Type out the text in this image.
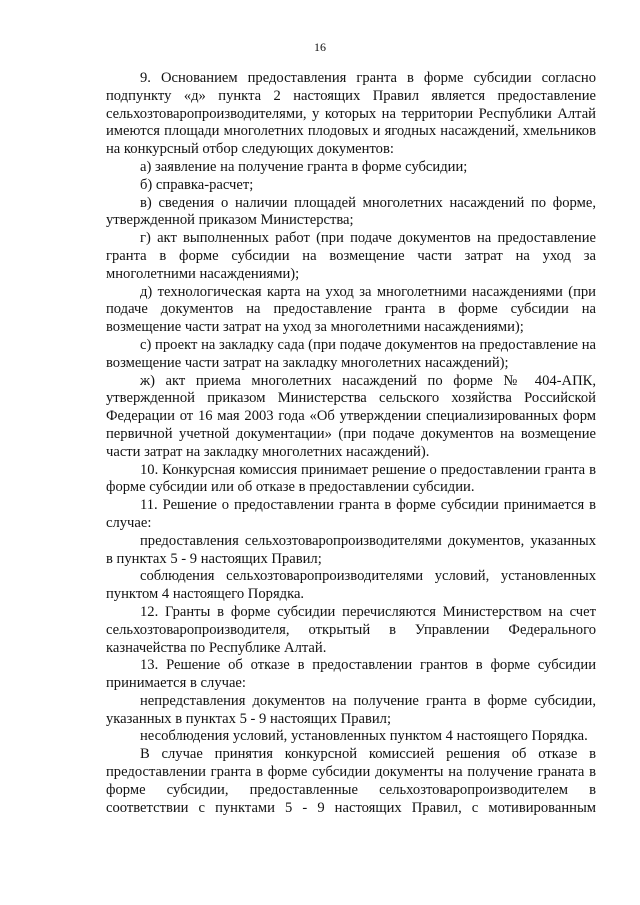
16

9. Основанием предоставления гранта в форме субсидии согласно подпункту «д» пункта 2 настоящих Правил является предоставление сельхозтоваропроизводителями, у которых на территории Республики Алтай имеются площади многолетних плодовых и ягодных насаждений, хмельников на конкурсный отбор следующих документов:

а) заявление на получение гранта в форме субсидии;

б) справка-расчет;

в) сведения о наличии площадей многолетних насаждений по форме, утвержденной приказом Министерства;

г) акт выполненных работ (при подаче документов на предоставление гранта в форме субсидии на возмещение части затрат на уход за многолетними насаждениями);

д) технологическая карта на уход за многолетними насаждениями (при подаче документов на предоставление гранта в форме субсидии на возмещение части затрат на уход за многолетними насаждениями);

с) проект на закладку сада (при подаче документов на предоставление на возмещение части затрат на закладку многолетних насаждений);

ж) акт приема многолетних насаждений по форме № 404-АПК, утвержденной приказом Министерства сельского хозяйства Российской Федерации от 16 мая 2003 года «Об утверждении специализированных форм первичной учетной документации» (при подаче документов на возмещение части затрат на закладку многолетних насаждений).

10. Конкурсная комиссия принимает решение о предоставлении гранта в форме субсидии или об отказе в предоставлении субсидии.

11. Решение о предоставлении гранта в форме субсидии принимается в случае:

предоставления сельхозтоваропроизводителями документов, указанных в пунктах 5 - 9 настоящих Правил;

соблюдения сельхозтоваропроизводителями условий, установленных пунктом 4 настоящего Порядка.

12. Гранты в форме субсидии перечисляются Министерством на счет сельхозтоваропроизводителя, открытый в Управлении Федерального казначейства по Республике Алтай.

13. Решение об отказе в предоставлении грантов в форме субсидии принимается в случае:

непредставления документов на получение гранта в форме субсидии, указанных в пунктах 5 - 9 настоящих Правил;

несоблюдения условий, установленных пунктом 4 настоящего Порядка.

В случае принятия конкурсной комиссией решения об отказе в предоставлении гранта в форме субсидии документы на получение граната в форме субсидии, предоставленные сельхозтоваропроизводителем в соответствии с пунктами 5 - 9 настоящих Правил, с мотивированным
